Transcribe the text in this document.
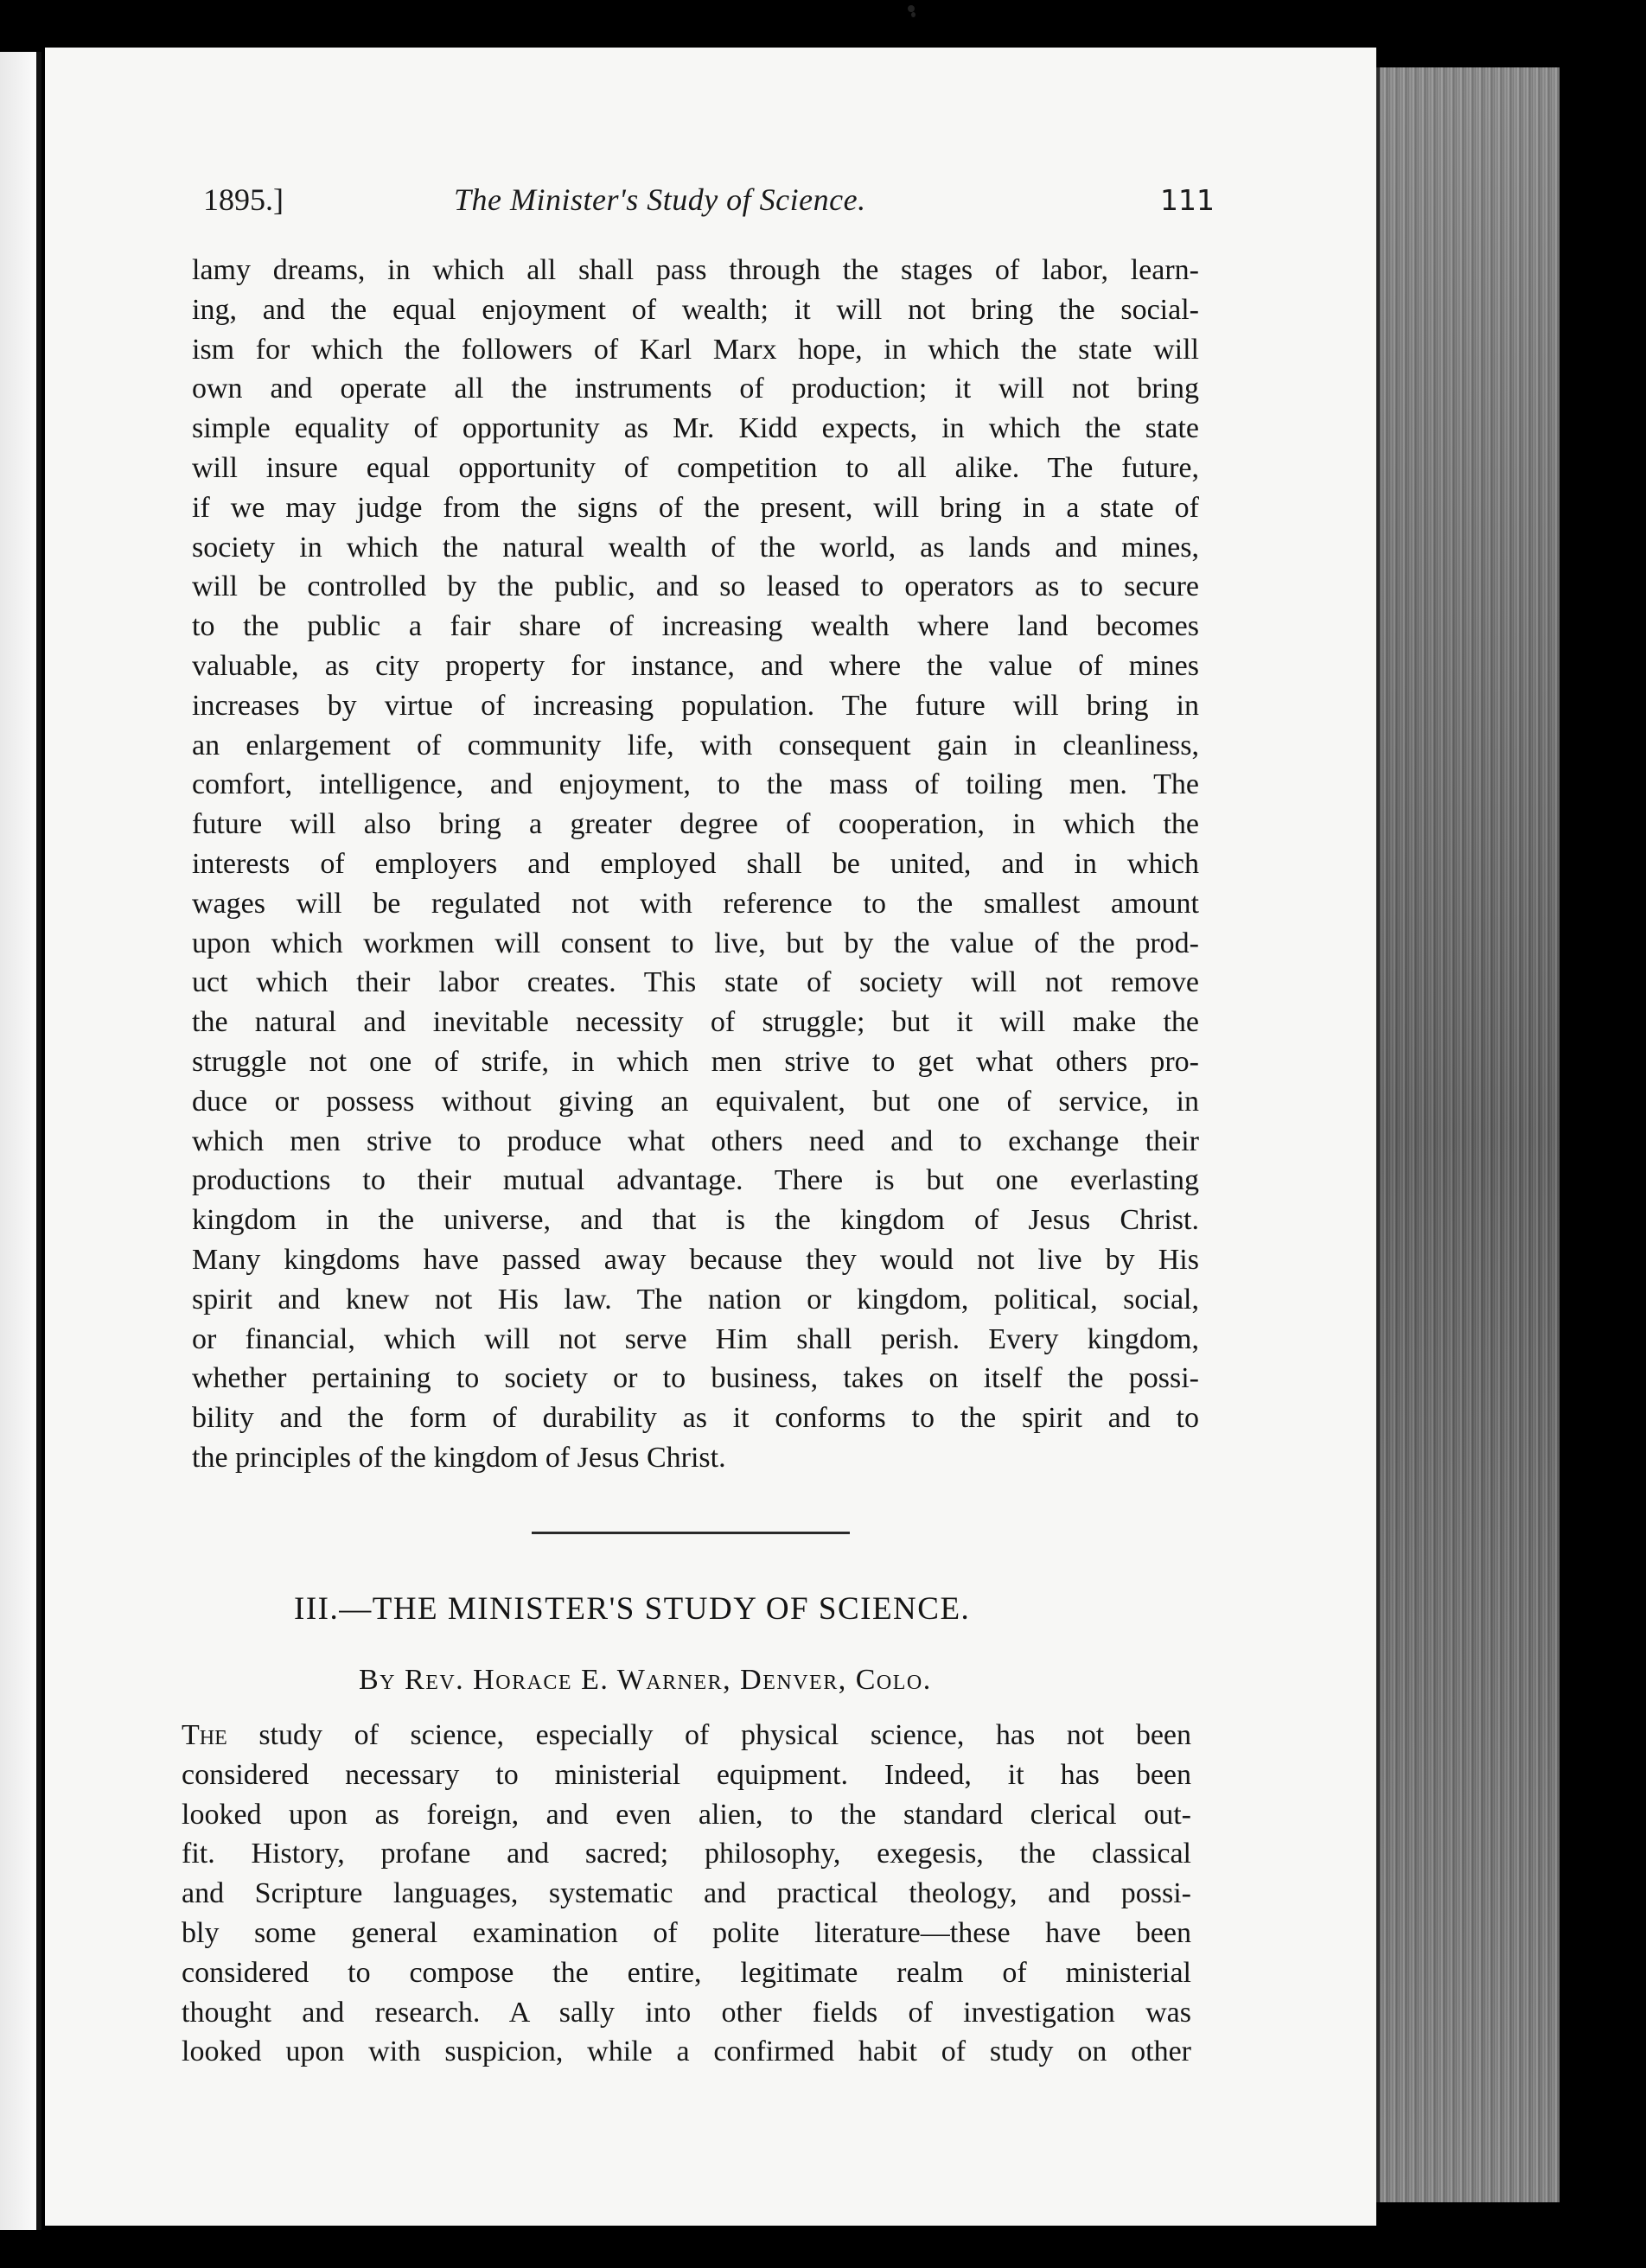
1895.]	The Minister's Study of Science.	111
lamy dreams, in which all shall pass through the stages of labor, learn-
ing, and the equal enjoyment of wealth; it will not bring the social-
ism for which the followers of Karl Marx hope, in which the state will
own and operate all the instruments of production; it will not bring
simple equality of opportunity as Mr. Kidd expects, in which the state
will insure equal opportunity of competition to all alike. The future,
if we may judge from the signs of the present, will bring in a state of
society in which the natural wealth of the world, as lands and mines,
will be controlled by the public, and so leased to operators as to secure
to the public a fair share of increasing wealth where land becomes
valuable, as city property for instance, and where the value of mines
increases by virtue of increasing population. The future will bring in
an enlargement of community life, with consequent gain in cleanliness,
comfort, intelligence, and enjoyment, to the mass of toiling men. The
future will also bring a greater degree of cooperation, in which the
interests of employers and employed shall be united, and in which
wages will be regulated not with reference to the smallest amount
upon which workmen will consent to live, but by the value of the prod-
uct which their labor creates. This state of society will not remove
the natural and inevitable necessity of struggle; but it will make the
struggle not one of strife, in which men strive to get what others pro-
duce or possess without giving an equivalent, but one of service, in
which men strive to produce what others need and to exchange their
productions to their mutual advantage. There is but one everlasting
kingdom in the universe, and that is the kingdom of Jesus Christ.
Many kingdoms have passed away because they would not live by His
spirit and knew not His law. The nation or kingdom, political, social,
or financial, which will not serve Him shall perish. Every kingdom,
whether pertaining to society or to business, takes on itself the possi-
bility and the form of durability as it conforms to the spirit and to
the principles of the kingdom of Jesus Christ.
III.—THE MINISTER'S STUDY OF SCIENCE.
By Rev. Horace E. Warner, Denver, Colo.
The study of science, especially of physical science, has not been
considered necessary to ministerial equipment. Indeed, it has been
looked upon as foreign, and even alien, to the standard clerical out-
fit. History, profane and sacred; philosophy, exegesis, the classical
and Scripture languages, systematic and practical theology, and possi-
bly some general examination of polite literature—these have been
considered to compose the entire, legitimate realm of ministerial
thought and research. A sally into other fields of investigation was
looked upon with suspicion, while a confirmed habit of study on other
